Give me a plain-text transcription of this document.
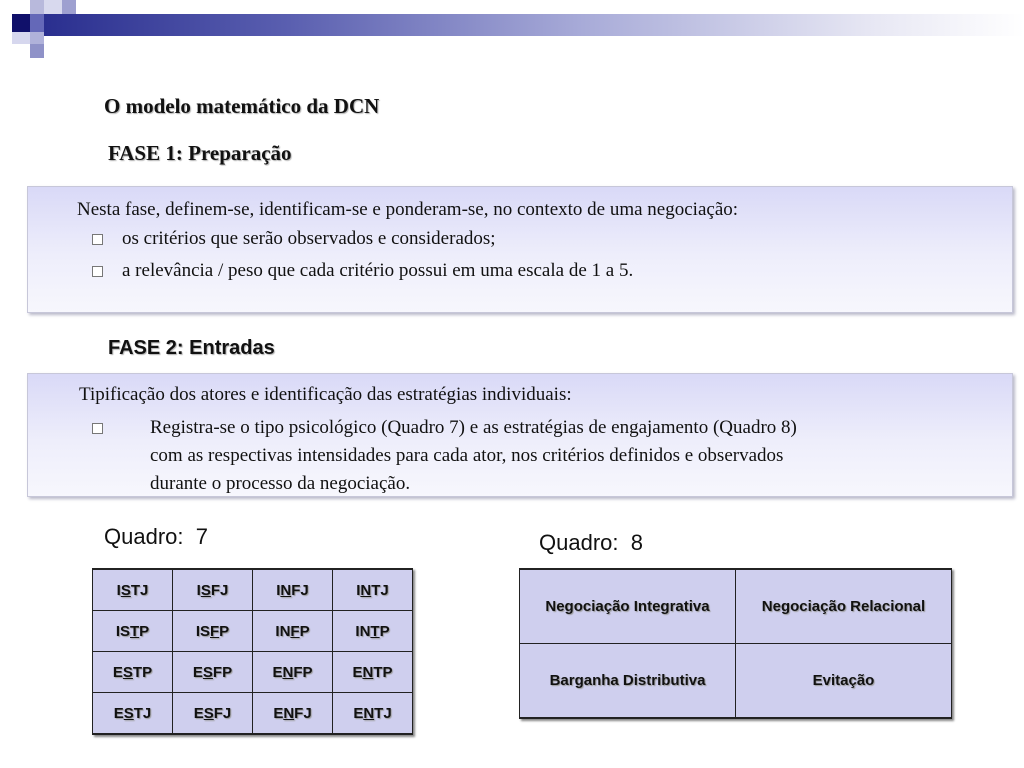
O modelo matemático da DCN
FASE 1: Preparação
Nesta fase, definem-se, identificam-se e ponderam-se, no contexto de uma negociação:
os critérios que serão observados e considerados;
a relevância / peso que cada critério possui em uma escala de 1 a 5.
FASE 2: Entradas
Tipificação dos atores e identificação das estratégias individuais:
Registra-se o tipo psicológico (Quadro 7) e as estratégias de engajamento (Quadro 8)
com as respectivas intensidades para cada ator, nos critérios definidos e observados
durante o processo da negociação.
Quadro:  7	Quadro:  8
ISTJ	ISFJ	INFJ	INTJ
ISTP	ISFP	INFP	INTP
ESTP	ESFP	ENFP	ENTP
ESTJ	ESFJ	ENFJ	ENTJ
Negociação Integrativa	Negociação Relacional
Barganha Distributiva	Evitação
